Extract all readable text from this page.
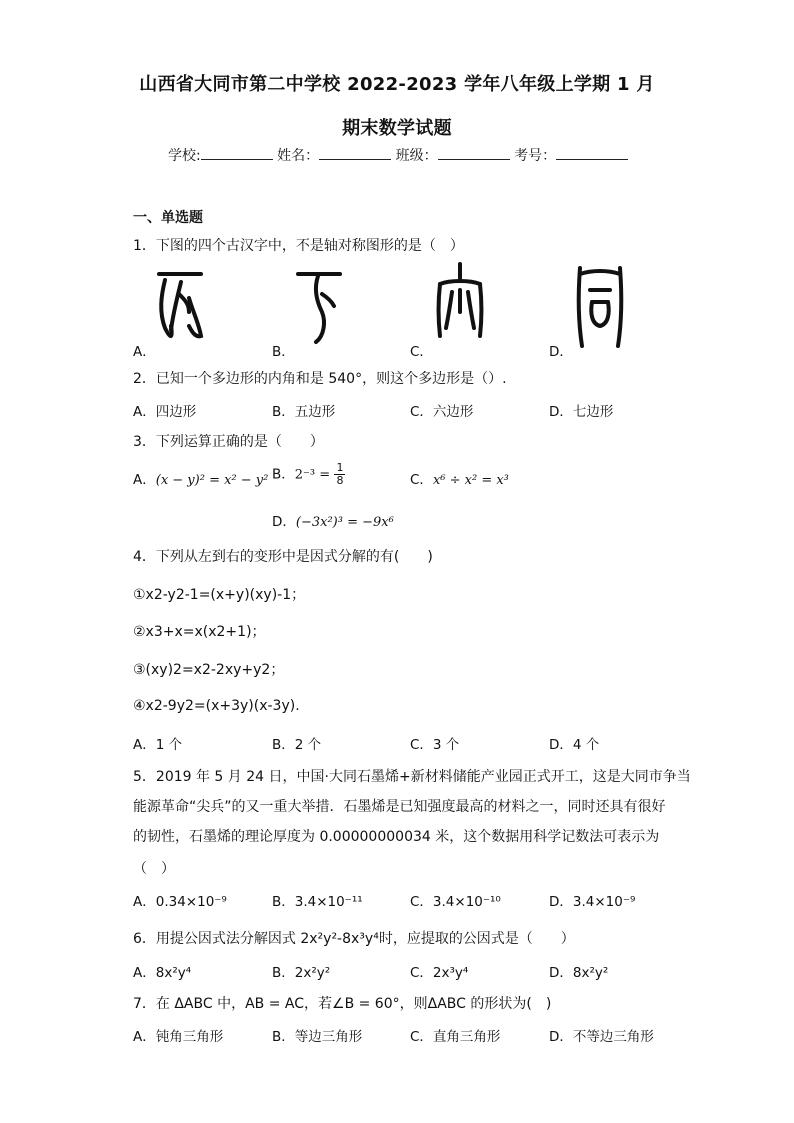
山西省大同市第二中学校 2022-2023 学年八年级上学期 1 月
期末数学试题
学校:	姓名：	班级：	考号：
一、单选题
1．下图的四个古汉字中，不是轴对称图形的是（　）
A．	B．	C．	D．
2．已知一个多边形的内角和是 540°，则这个多边形是（）.
A．四边形	B．五边形	C．六边形	D．七边形
3．下列运算正确的是（　　）
A．(x − y)² = x² − y² B．$2^{-3} = \frac{1}{8}$	C．x⁶ ÷ x² = x³
D．(−3x²)³ = −9x⁶
4．下列从左到右的变形中是因式分解的有(　　)
①x2-y2-1=(x+y)(xy)-1；
②x3+x=x(x2+1)；
③(xy)2=x2-2xy+y2；
④x2-9y2=(x+3y)(x-3y).
A．1 个	B．2 个	C．3 个	D．4 个
5．2019 年 5 月 24 日，中国·大同石墨烯+新材料储能产业园正式开工，这是大同市争当
能源革命“尖兵”的又一重大举措．石墨烯是已知强度最高的材料之一，同时还具有很好
的韧性，石墨烯的理论厚度为 0.00000000034 米，这个数据用科学记数法可表示为
（　）
A．0.34×10⁻⁹	B．3.4×10⁻¹¹	C．3.4×10⁻¹⁰	D．3.4×10⁻⁹
6．用提公因式法分解因式 2x²y²-8x³y⁴时，应提取的公因式是（　　）
A．8x²y⁴	B．2x²y²	C．2x³y⁴	D．8x²y²
7．在 ΔABC 中，AB = AC，若∠B = 60°，则ΔABC 的形状为(　)
A．钝角三角形	B．等边三角形	C．直角三角形	D．不等边三角形
